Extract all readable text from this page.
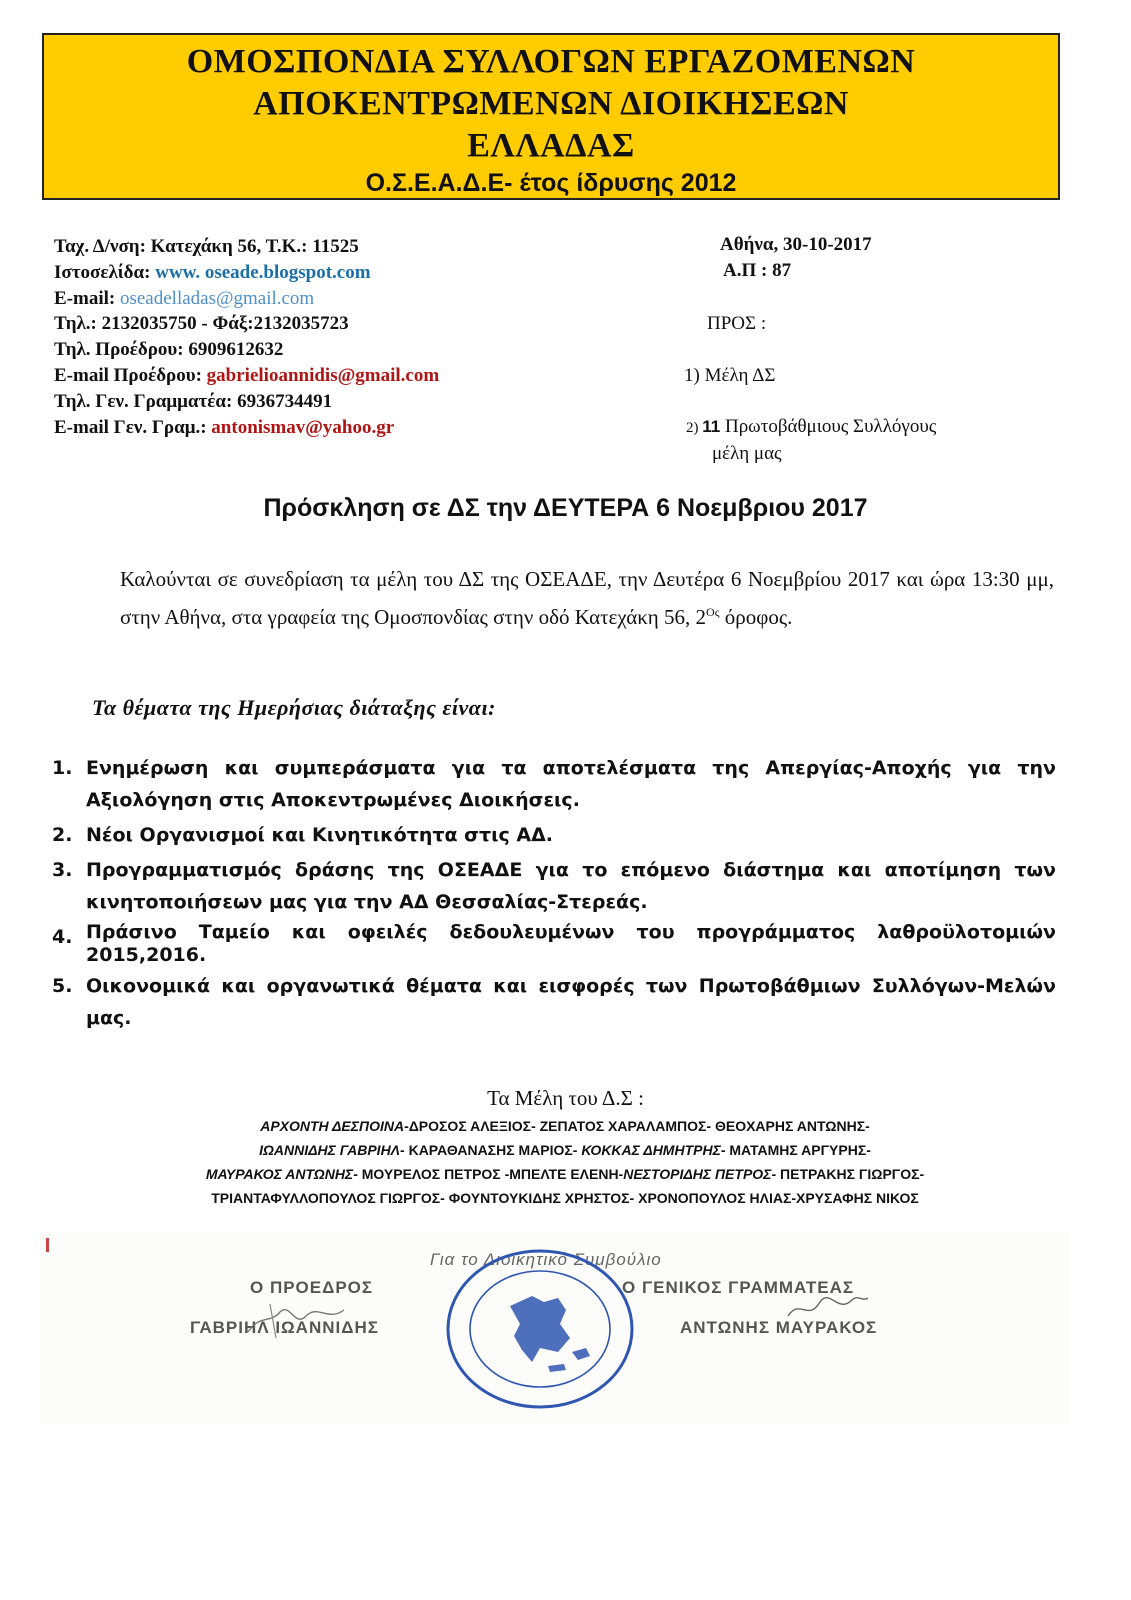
ΟΜΟΣΠΟΝΔΙΑ ΣΥΛΛΟΓΩΝ ΕΡΓΑΖΟΜΕΝΩΝ
ΑΠΟΚΕΝΤΡΩΜΕΝΩΝ ΔΙΟΙΚΗΣΕΩΝ
ΕΛΛΑΔΑΣ
Ο.Σ.Ε.Α.Δ.Ε- έτος ίδρυσης 2012
Ταχ. Δ/νση: Κατεχάκη 56, Τ.Κ.: 11525
Ιστοσελίδα: www. oseade.blogspot.com
E-mail: oseadelladas@gmail.com
Τηλ.: 2132035750 - Φάξ:2132035723
Τηλ. Προέδρου: 6909612632
E-mail Προέδρου: gabrielioannidis@gmail.com
Τηλ. Γεν. Γραμματέα: 6936734491
E-mail Γεν. Γραμ.: antonismav@yahoo.gr
Αθήνα, 30-10-2017
Α.Π : 87
ΠΡΟΣ :
1) Μέλη ΔΣ
2) 11 Πρωτοβάθμιους Συλλόγους
μέλη μας
Πρόσκληση σε ΔΣ την ΔΕΥΤΕΡΑ 6 Νοεμβριου 2017
Καλούνται σε συνεδρίαση τα μέλη του ΔΣ της ΟΣΕΑΔΕ, την Δευτέρα 6 Νοεμβρίου 2017 και ώρα 13:30 μμ, στην Αθήνα, στα γραφεία της Ομοσπονδίας στην οδό Κατεχάκη 56, $2^{O\varsigma}$ όροφος.
Τα θέματα της Ημερήσιας διάταξης είναι:
1. Ενημέρωση και συμπεράσματα για τα αποτελέσματα της Απεργίας-Αποχής για την Αξιολόγηση στις Αποκεντρωμένες Διοικήσεις.
2. Νέοι Οργανισμοί και Κινητικότητα στις ΑΔ.
3. Προγραμματισμός δράσης της ΟΣΕΑΔΕ για το επόμενο διάστημα και αποτίμηση των κινητοποιήσεων μας για την ΑΔ Θεσσαλίας-Στερεάς.
4. Πράσινο Ταμείο και οφειλές δεδουλευμένων του προγράμματος λαθροϋλοτομιών 2015,2016.
5. Οικονομικά και οργανωτικά θέματα και εισφορές των Πρωτοβάθμιων Συλλόγων-Μελών μας.
Τα Μέλη του Δ.Σ :
ΑΡΧΟΝΤΗ ΔΕΣΠΟΙΝΑ-ΔΡΟΣΟΣ ΑΛΕΞΙΟΣ- ΖΕΠΑΤΟΣ ΧΑΡΑΛΑΜΠΟΣ- ΘΕΟΧΑΡΗΣ ΑΝΤΩΝΗΣ-
ΙΩΑΝΝΙΔΗΣ ΓΑΒΡΙΗΛ- ΚΑΡΑΘΑΝΑΣΗΣ ΜΑΡΙΟΣ- ΚΟΚΚΑΣ ΔΗΜΗΤΡΗΣ- ΜΑΤΑΜΗΣ ΑΡΓΥΡΗΣ-
ΜΑΥΡΑΚΟΣ ΑΝΤΩΝΗΣ- ΜΟΥΡΕΛΟΣ ΠΕΤΡΟΣ -ΜΠΕΛΤΕ ΕΛΕΝΗ-ΝΕΣΤΟΡΙΔΗΣ ΠΕΤΡΟΣ- ΠΕΤΡΑΚΗΣ ΓΙΩΡΓΟΣ-
ΤΡΙΑΝΤΑΦΥΛΛΟΠΟΥΛΟΣ ΓΙΩΡΓΟΣ- ΦΟΥΝΤΟΥΚΙΔΗΣ ΧΡΗΣΤΟΣ- ΧΡΟΝΟΠΟΥΛΟΣ ΗΛΙΑΣ-ΧΡΥΣΑΦΗΣ ΝΙΚΟΣ
Για το Διοικητικό Συμβούλιο
Ο ΠΡΟΕΔΡΟΣ
ΓΑΒΡΙΗΛ ΙΩΑΝΝΙΔΗΣ
Ο ΓΕΝΙΚΟΣ ΓΡΑΜΜΑΤΕΑΣ
ΑΝΤΩΝΗΣ ΜΑΥΡΑΚΟΣ
